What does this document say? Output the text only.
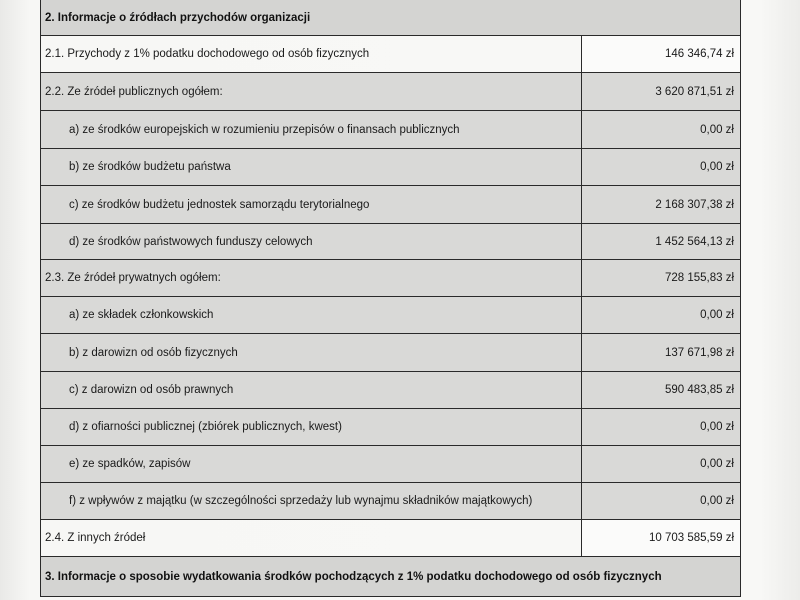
2. Informacje o źródłach przychodów organizacji
2.1. Przychody z 1% podatku dochodowego od osób fizycznych	146 346,74 zł
2.2. Ze źródeł publicznych ogółem:	3 620 871,51 zł
a) ze środków europejskich w rozumieniu przepisów o finansach publicznych	0,00 zł
b) ze środków budżetu państwa	0,00 zł
c) ze środków budżetu jednostek samorządu terytorialnego	2 168 307,38 zł
d) ze środków państwowych funduszy celowych	1 452 564,13 zł
2.3. Ze źródeł prywatnych ogółem:	728 155,83 zł
a) ze składek członkowskich	0,00 zł
b) z darowizn od osób fizycznych	137 671,98 zł
c) z darowizn od osób prawnych	590 483,85 zł
d) z ofiarności publicznej (zbiórek publicznych, kwest)	0,00 zł
e) ze spadków, zapisów	0,00 zł
f) z wpływów z majątku (w szczególności sprzedaży lub wynajmu składników majątkowych)	0,00 zł
2.4. Z innych źródeł	10 703 585,59 zł
3. Informacje o sposobie wydatkowania środków pochodzących z 1% podatku dochodowego od osób fizycznych
